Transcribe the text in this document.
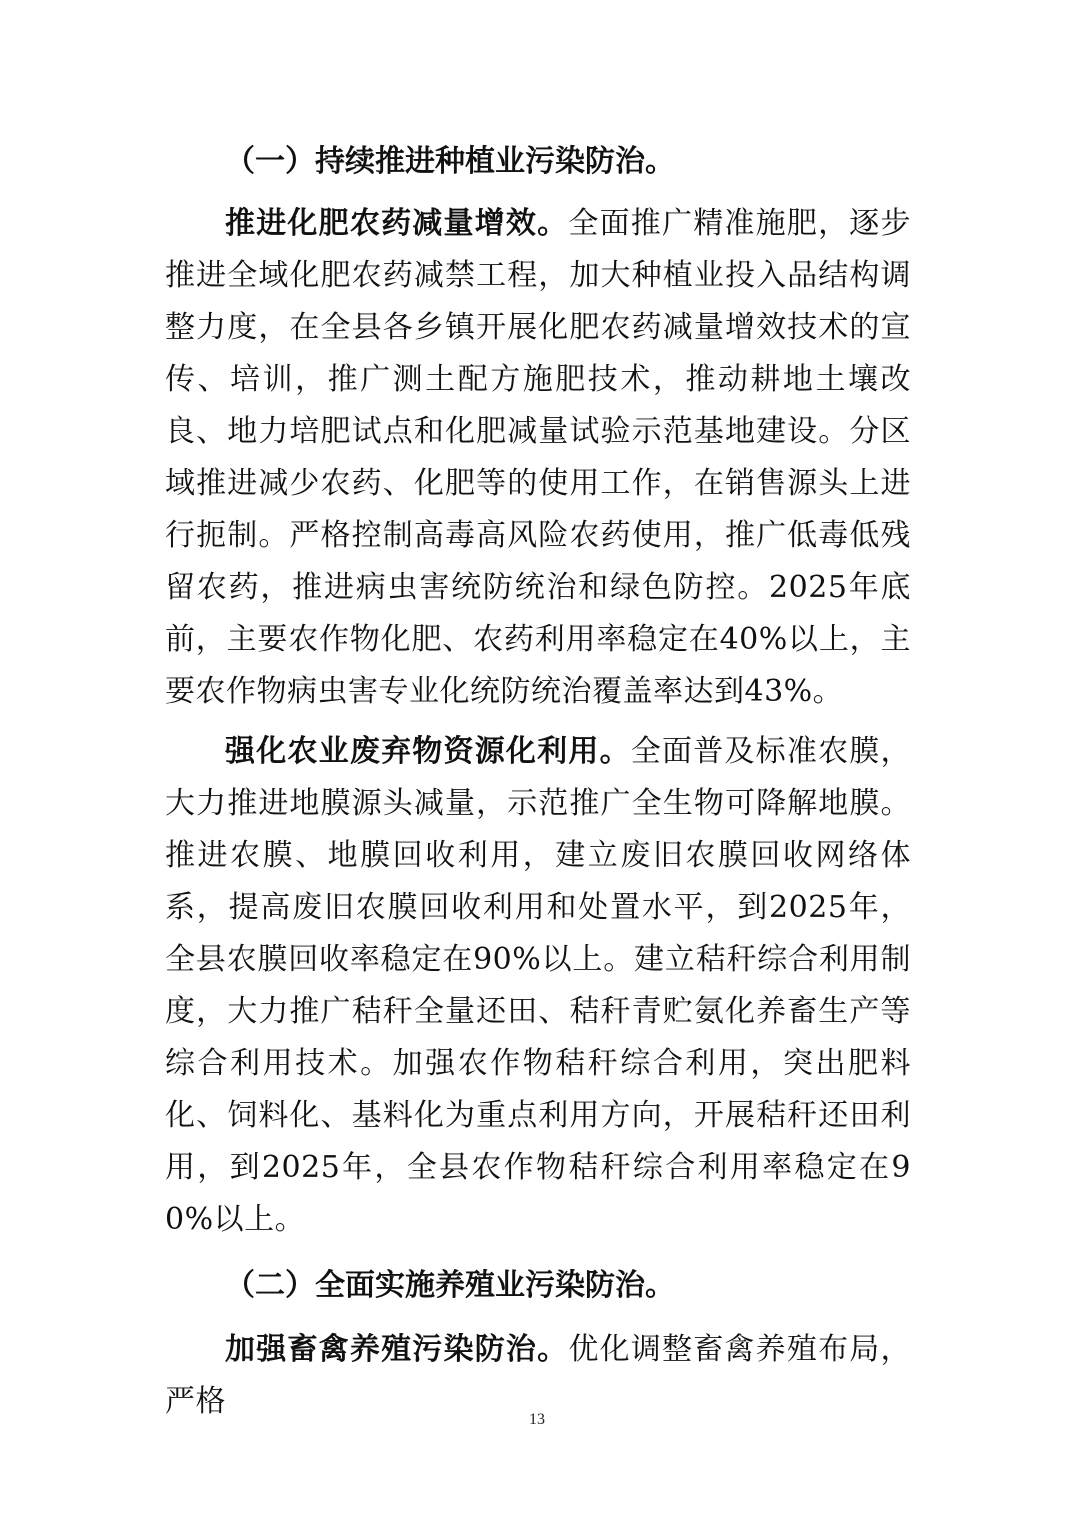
（一）持续推进种植业污染防治。

推进化肥农药减量增效。全面推广精准施肥，逐步推进全域化肥农药减禁工程，加大种植业投入品结构调整力度，在全县各乡镇开展化肥农药减量增效技术的宣传、培训，推广测土配方施肥技术，推动耕地土壤改良、地力培肥试点和化肥减量试验示范基地建设。分区域推进减少农药、化肥等的使用工作，在销售源头上进行扼制。严格控制高毒高风险农药使用，推广低毒低残留农药，推进病虫害统防统治和绿色防控。2025年底前，主要农作物化肥、农药利用率稳定在40%以上，主要农作物病虫害专业化统防统治覆盖率达到43%。

强化农业废弃物资源化利用。全面普及标准农膜，大力推进地膜源头减量，示范推广全生物可降解地膜。推进农膜、地膜回收利用，建立废旧农膜回收网络体系，提高废旧农膜回收利用和处置水平，到2025年，全县农膜回收率稳定在90%以上。建立秸秆综合利用制度，大力推广秸秆全量还田、秸秆青贮氨化养畜生产等综合利用技术。加强农作物秸秆综合利用，突出肥料化、饲料化、基料化为重点利用方向，开展秸秆还田利用，到2025年，全县农作物秸秆综合利用率稳定在90%以上。

（二）全面实施养殖业污染防治。

加强畜禽养殖污染防治。优化调整畜禽养殖布局，严格

13
